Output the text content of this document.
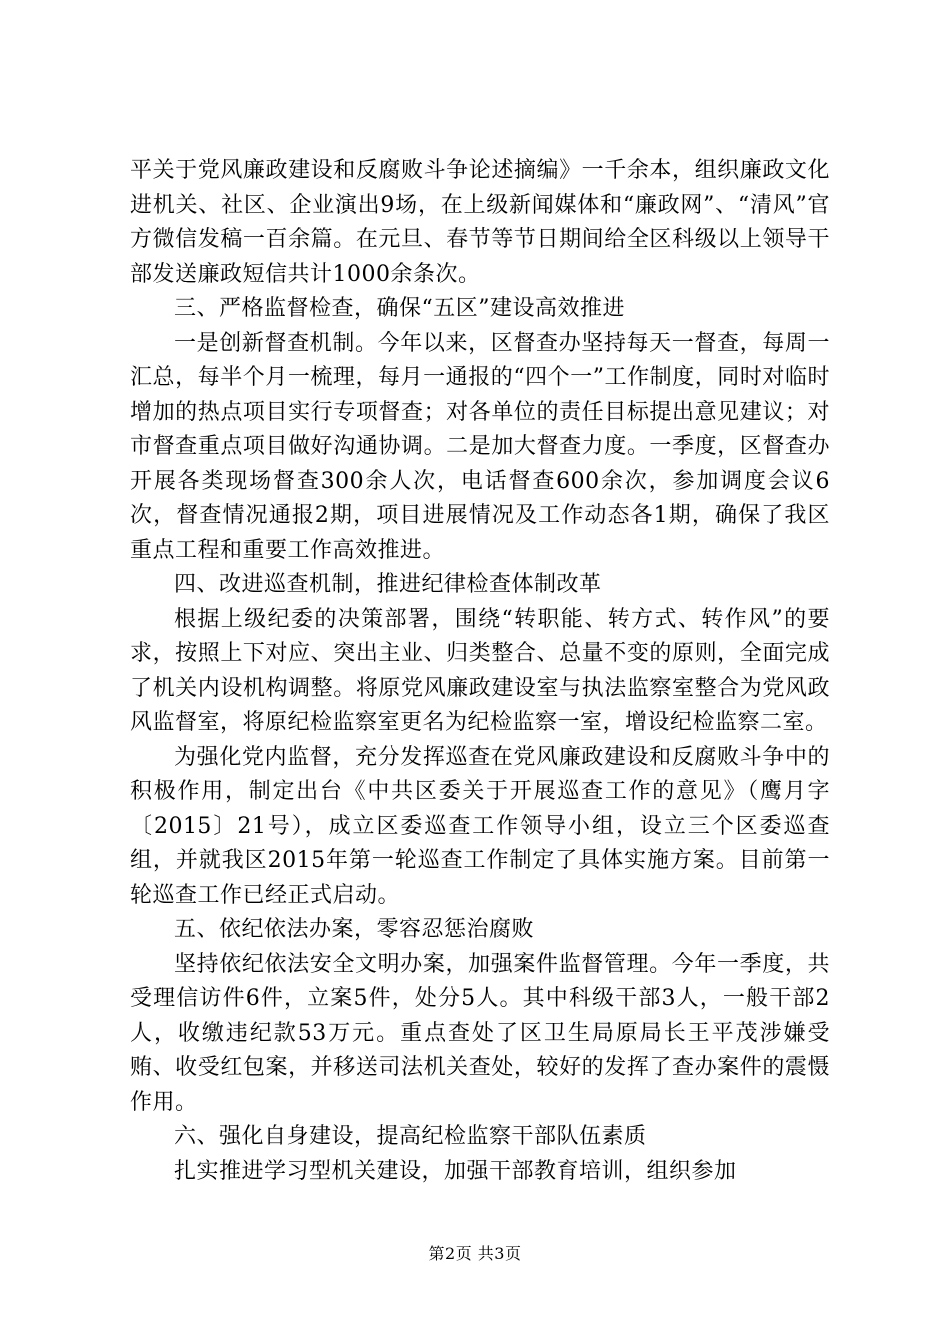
平关于党风廉政建设和反腐败斗争论述摘编》一千余本，组织廉政文化进机关、社区、企业演出9场，在上级新闻媒体和“廉政网”、“清风”官方微信发稿一百余篇。在元旦、春节等节日期间给全区科级以上领导干部发送廉政短信共计1000余条次。

三、严格监督检查，确保“五区”建设高效推进

一是创新督查机制。今年以来，区督查办坚持每天一督查，每周一汇总，每半个月一梳理，每月一通报的“四个一”工作制度，同时对临时增加的热点项目实行专项督查；对各单位的责任目标提出意见建议；对市督查重点项目做好沟通协调。二是加大督查力度。一季度，区督查办开展各类现场督查300余人次，电话督查600余次，参加调度会议6次，督查情况通报2期，项目进展情况及工作动态各1期，确保了我区重点工程和重要工作高效推进。

四、改进巡查机制，推进纪律检查体制改革

根据上级纪委的决策部署，围绕“转职能、转方式、转作风”的要求，按照上下对应、突出主业、归类整合、总量不变的原则，全面完成了机关内设机构调整。将原党风廉政建设室与执法监察室整合为党风政风监督室，将原纪检监察室更名为纪检监察一室，增设纪检监察二室。

为强化党内监督，充分发挥巡查在党风廉政建设和反腐败斗争中的积极作用，制定出台《中共区委关于开展巡查工作的意见》（鹰月字〔2015〕21号），成立区委巡查工作领导小组，设立三个区委巡查组，并就我区2015年第一轮巡查工作制定了具体实施方案。目前第一轮巡查工作已经正式启动。

五、依纪依法办案，零容忍惩治腐败

坚持依纪依法安全文明办案，加强案件监督管理。今年一季度，共受理信访件6件，立案5件，处分5人。其中科级干部3人，一般干部2人，收缴违纪款53万元。重点查处了区卫生局原局长王平茂涉嫌受贿、收受红包案，并移送司法机关查处，较好的发挥了查办案件的震慑作用。

六、强化自身建设，提高纪检监察干部队伍素质

扎实推进学习型机关建设，加强干部教育培训，组织参加

第2页 共3页
